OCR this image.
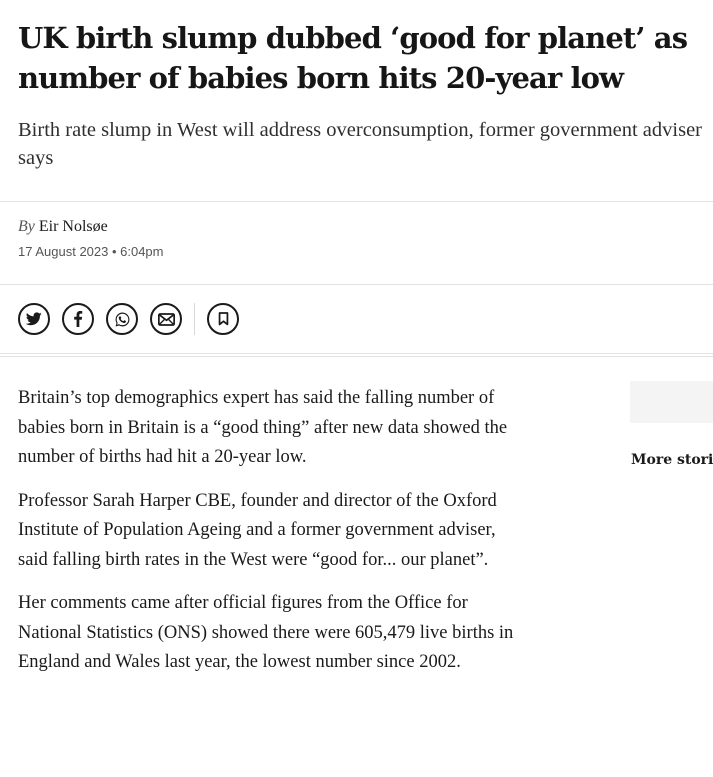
UK birth slump dubbed ‘good for planet’ as number of babies born hits 20-year low

Birth rate slump in West will address overconsumption, former government adviser says

By Eir Nolsøe
17 August 2023 • 6:04pm

Britain’s top demographics expert has said the falling number of babies born in Britain is a “good thing” after new data showed the number of births had hit a 20-year low.

Professor Sarah Harper CBE, founder and director of the Oxford Institute of Population Ageing and a former government adviser, said falling birth rates in the West were “good for... our planet”.

Her comments came after official figures from the Office for National Statistics (ONS) showed there were 605,479 live births in England and Wales last year, the lowest number since 2002.

More stori
